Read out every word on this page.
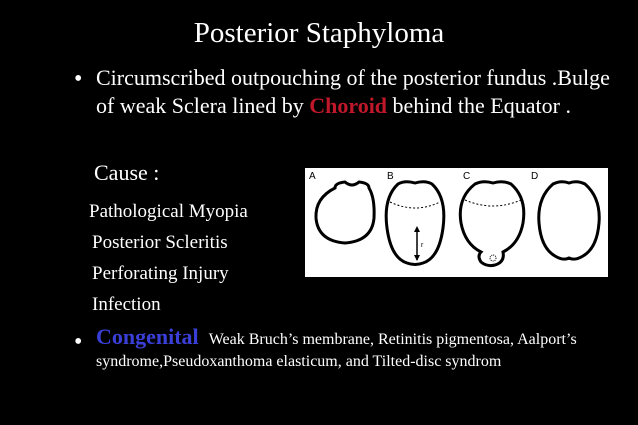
Posterior Staphyloma
• Circumscribed outpouching of the posterior fundus .Bulge of weak Sclera lined by Choroid behind the Equator .
Cause :
Pathological Myopia
Posterior Scleritis
Perforating Injury
Infection
A	B	C	D
r
• Congenital Weak Bruch’s membrane, Retinitis pigmentosa, Aalport’s syndrome,Pseudoxanthoma elasticum, and Tilted-disc syndrom
